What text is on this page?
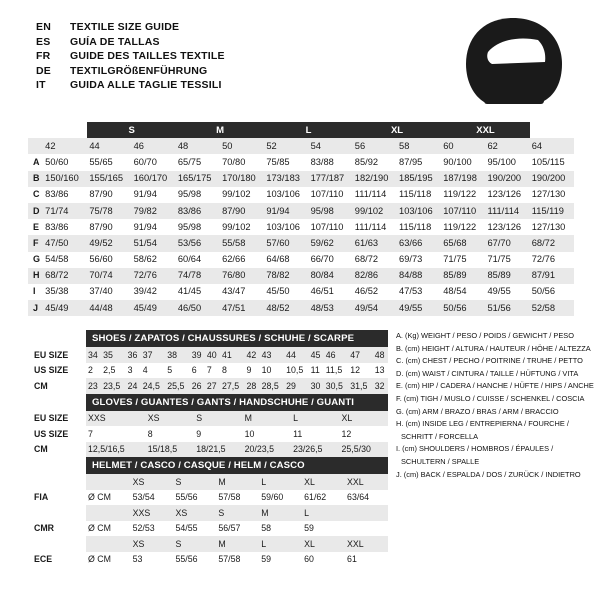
EN	TEXTILE SIZE GUIDE
ES	GUÍA DE TALLAS
FR	GUIDE DES TAILLES TEXTILE
DE	TEXTILGRÖßENFÜHRUNG
IT	GUIDA ALLE TAGLIE TESSILI
		S		M		L		XL		XXL		
	42	44	46	48	50	52	54	56	58	60	62	64
A	50/60	55/65	60/70	65/75	70/80	75/85	83/88	85/92	87/95	90/100	95/100	105/115
B	150/160	155/165	160/170	165/175	170/180	173/183	177/187	182/190	185/195	187/198	190/200	190/200
C	83/86	87/90	91/94	95/98	99/102	103/106	107/110	111/114	115/118	119/122	123/126	127/130
D	71/74	75/78	79/82	83/86	87/90	91/94	95/98	99/102	103/106	107/110	111/114	115/119
E	83/86	87/90	91/94	95/98	99/102	103/106	107/110	111/114	115/118	119/122	123/126	127/130
F	47/50	49/52	51/54	53/56	55/58	57/60	59/62	61/63	63/66	65/68	67/70	68/72
G	54/58	56/60	58/62	60/64	62/66	64/68	66/70	68/72	69/73	71/75	71/75	72/76
H	68/72	70/74	72/76	74/78	76/80	78/82	80/84	82/86	84/88	85/89	85/89	87/91
I	35/38	37/40	39/42	41/45	43/47	45/50	46/51	46/52	47/53	48/54	49/55	50/56
J	45/49	44/48	45/49	46/50	47/51	48/52	48/53	49/54	49/55	50/56	51/56	52/58
SHOES / ZAPATOS / CHAUSSURES / SCHUHE / SCARPE
EU SIZE	34	35	36	37	38	39	40	41	42	43	44	45	46	47	48
US SIZE	2	2,5	3	4	5	6	7	8	9	10	10,5	11	11,5	12	13
CM	23	23,5	24	24,5	25,5	26	27	27,5	28	28,5	29	30	30,5	31,5	32
GLOVES / GUANTES / GANTS / HANDSCHUHE / GUANTI
EU SIZE	XXS	XS	S	M	L	XL
US SIZE	7	8	9	10	11	12
CM	12,5/16,5	15/18,5	18/21,5	20/23,5	23/26,5	25,5/30
HELMET / CASCO / CASQUE / HELM / CASCO
		XS	S	M	L	XL	XXL
FIA	Ø CM	53/54	55/56	57/58	59/60	61/62	63/64
		XXS	XS	S	M	L	
CMR	Ø CM	52/53	54/55	56/57	58	59	
		XS	S	M	L	XL	XXL
ECE	Ø CM	53	55/56	57/58	59	60	61
A. (Kg) WEIGHT / PESO / POIDS / GEWICHT / PESO
B. (cm) HEIGHT / ALTURA / HAUTEUR / HÖHE / ALTEZZA
C. (cm) CHEST / PECHO / POITRINE / TRUHE / PETTO
D. (cm) WAIST / CINTURA / TAILLE / HÜFTUNG / VITA
E. (cm) HIP / CADERA / HANCHE / HÜFTE / HIPS / ANCHE
F. (cm) TIGH / MUSLO / CUISSE / SCHENKEL / COSCIA
G. (cm) ARM / BRAZO / BRAS / ARM / BRACCIO
H. (cm) INSIDE LEG / ENTREPIERNA / FOURCHE /
SCHRITT / FORCELLA
I. (cm) SHOULDERS / HOMBROS / ÉPAULES /
SCHULTERN / SPALLE
J. (cm) BACK / ESPALDA / DOS / ZURÜCK / INDIETRO
